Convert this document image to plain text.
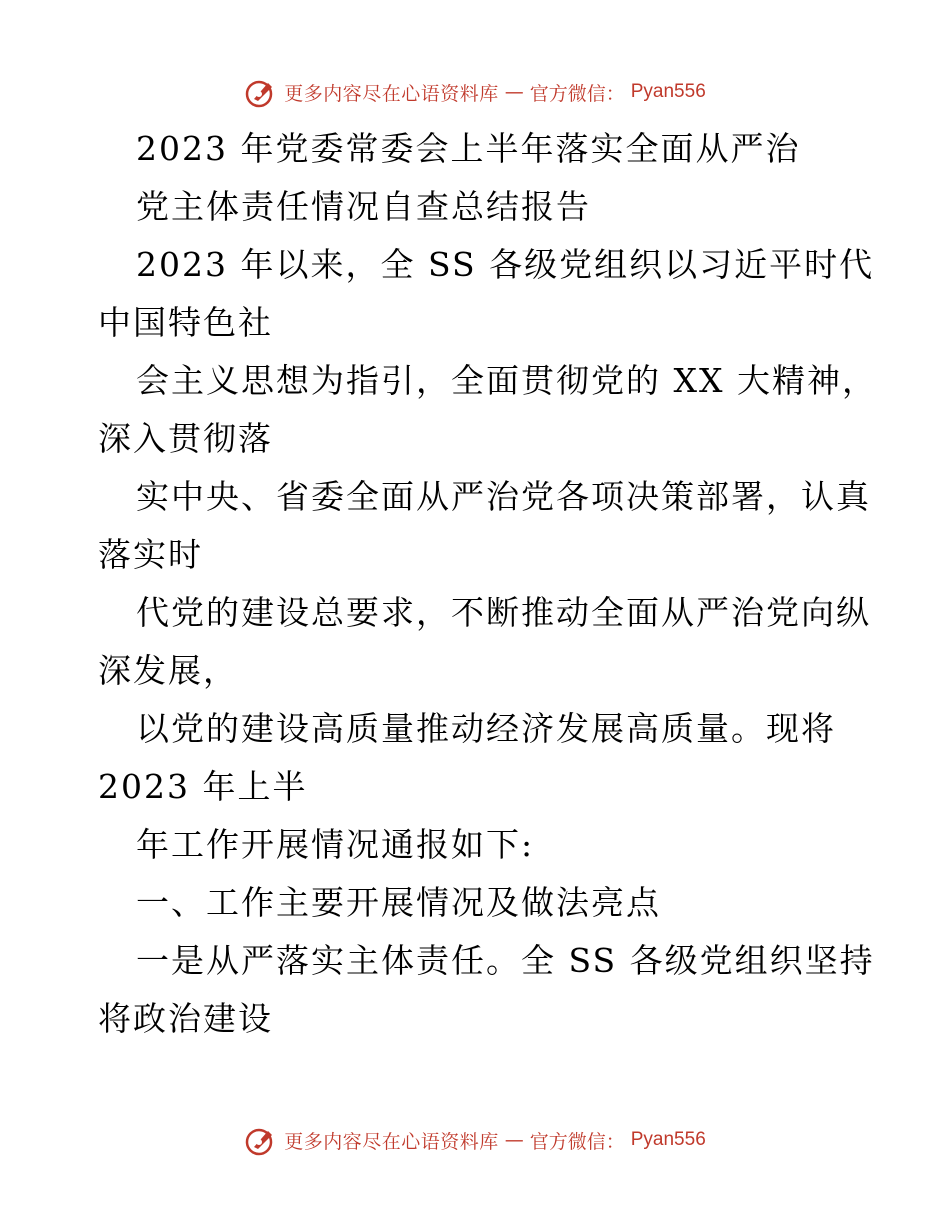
更多内容尽在心语资料库 — 官方微信： Pyan556
2023 年党委常委会上半年落实全面从严治
党主体责任情况自查总结报告
2023 年以来，全 SS 各级党组织以习近平时代
中国特色社
会主义思想为指引，全面贯彻党的 XX 大精神，
深入贯彻落
实中央、省委全面从严治党各项决策部署，认真
落实时
代党的建设总要求，不断推动全面从严治党向纵
深发展，
以党的建设高质量推动经济发展高质量。现将
2023 年上半
年工作开展情况通报如下:
一、工作主要开展情况及做法亮点
一是从严落实主体责任。全 SS 各级党组织坚持
将政治建设
更多内容尽在心语资料库 — 官方微信： Pyan556
